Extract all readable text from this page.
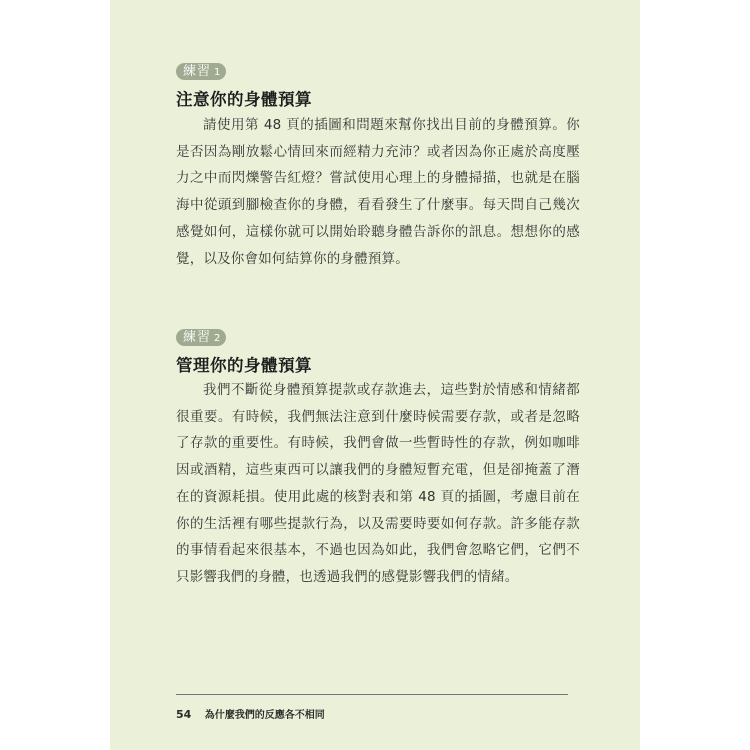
練習 1
注意你的身體預算

請使用第 48 頁的插圖和問題來幫你找出目前的身體預算。你是否因為剛放鬆心情回來而經精力充沛？或者因為你正處於高度壓力之中而閃爍警告紅燈？嘗試使用心理上的身體掃描，也就是在腦海中從頭到腳檢查你的身體，看看發生了什麼事。每天問自己幾次感覺如何，這樣你就可以開始聆聽身體告訴你的訊息。想想你的感覺，以及你會如何結算你的身體預算。

練習 2
管理你的身體預算

我們不斷從身體預算提款或存款進去，這些對於情感和情緒都很重要。有時候，我們無法注意到什麼時候需要存款，或者是忽略了存款的重要性。有時候，我們會做一些暫時性的存款，例如咖啡因或酒精，這些東西可以讓我們的身體短暫充電，但是卻掩蓋了潛在的資源耗損。使用此處的核對表和第 48 頁的插圖，考慮目前在你的生活裡有哪些提款行為，以及需要時要如何存款。許多能存款的事情看起來很基本，不過也因為如此，我們會忽略它們，它們不只影響我們的身體，也透過我們的感覺影響我們的情緒。

54 為什麼我們的反應各不相同
